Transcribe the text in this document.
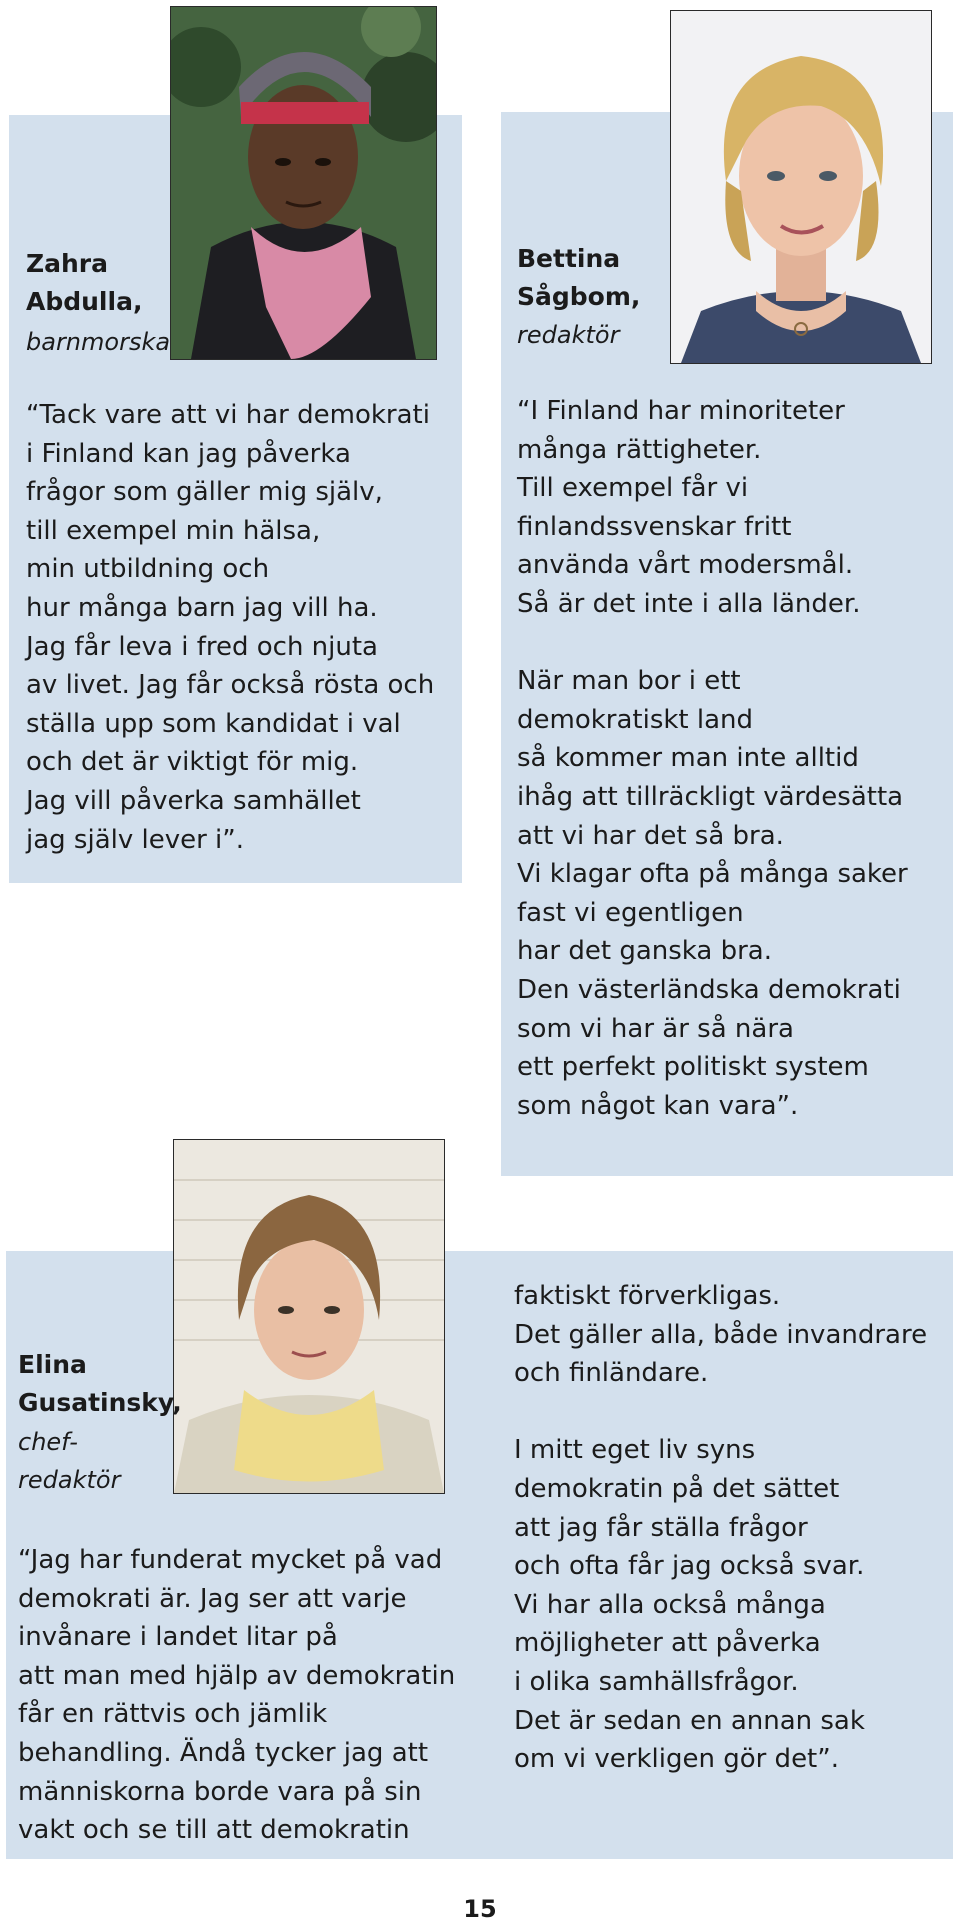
Zahra
Abdulla,
barnmorska
“Tack vare att vi har demokrati
i Finland kan jag påverka
frågor som gäller mig själv,
till exempel min hälsa,
min utbildning och
hur många barn jag vill ha.
Jag får leva i fred och njuta
av livet. Jag får också rösta och
ställa upp som kandidat i val
och det är viktigt för mig.
Jag vill påverka samhället
jag själv lever i”.
Bettina
Sågbom,
redaktör
“I Finland har minoriteter
många rättigheter.
Till exempel får vi
finlandssvenskar fritt
använda vårt modersmål.
Så är det inte i alla länder.

När man bor i ett
demokratiskt land
så kommer man inte alltid
ihåg att tillräckligt värdesätta
att vi har det så bra.
Vi klagar ofta på många saker
fast vi egentligen
har det ganska bra.
Den västerländska demokrati
som vi har är så nära
ett perfekt politiskt system
som något kan vara”.
Elina
Gusatinsky,
chef-
redaktör
“Jag har funderat mycket på vad
demokrati är. Jag ser att varje
invånare i landet litar på
att man med hjälp av demokratin
får en rättvis och jämlik
behandling. Ändå tycker jag att
människorna borde vara på sin
vakt och se till att demokratin
faktiskt förverkligas.
Det gäller alla, både invandrare
och finländare.

I mitt eget liv syns
demokratin på det sättet
att jag får ställa frågor
och ofta får jag också svar.
Vi har alla också många
möjligheter att påverka
i olika samhällsfrågor.
Det är sedan en annan sak
om vi verkligen gör det”.
15
